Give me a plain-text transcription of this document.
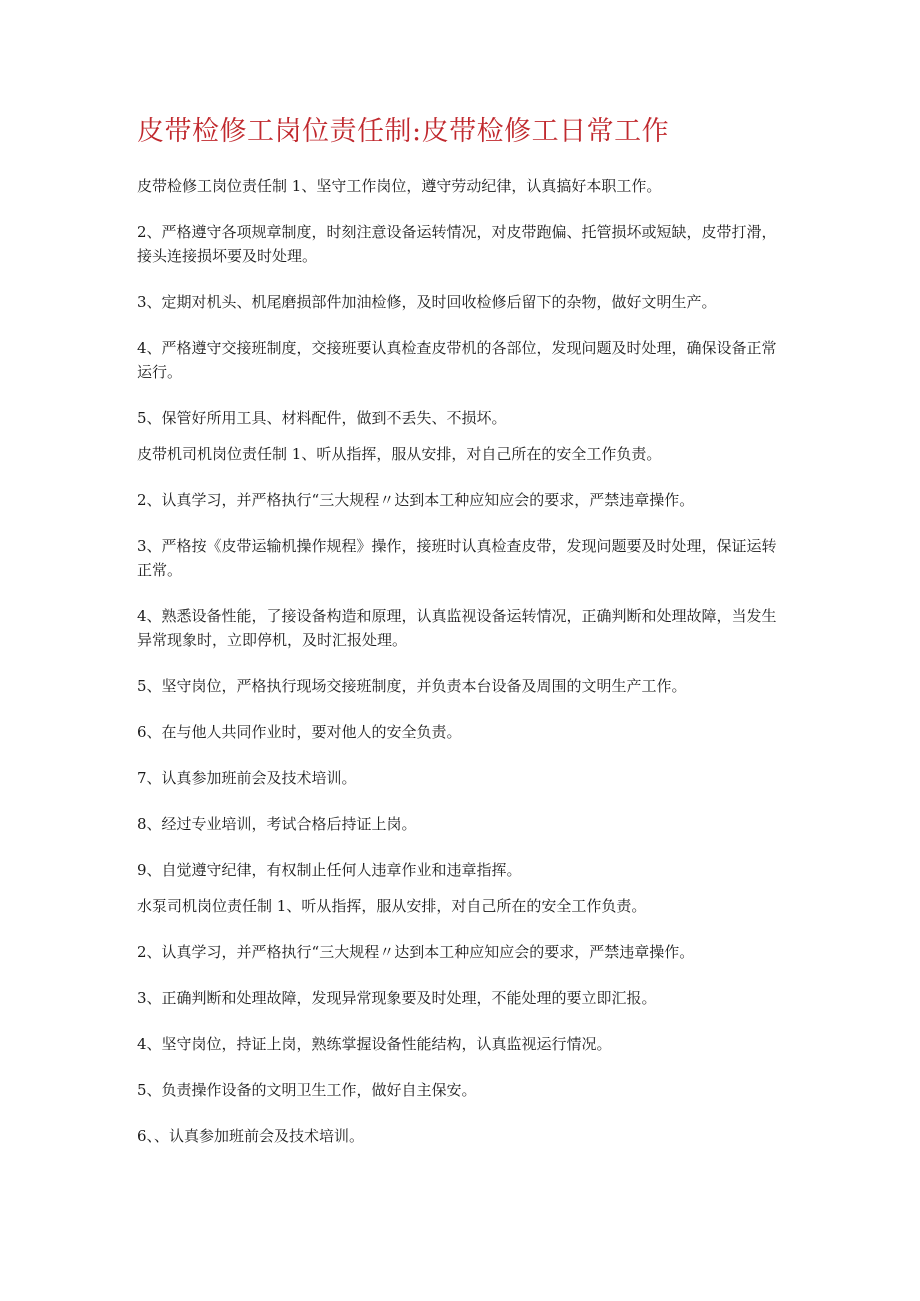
皮带检修工岗位责任制:皮带检修工日常工作

皮带检修工岗位责任制 1、坚守工作岗位，遵守劳动纪律，认真搞好本职工作。

2、严格遵守各项规章制度，时刻注意设备运转情况，对皮带跑偏、托管损坏或短缺，皮带打滑，接头连接损坏要及时处理。

3、定期对机头、机尾磨损部件加油检修，及时回收检修后留下的杂物，做好文明生产。

4、严格遵守交接班制度，交接班要认真检查皮带机的各部位，发现问题及时处理，确保设备正常运行。

5、保管好所用工具、材料配件，做到不丢失、不损坏。

皮带机司机岗位责任制 1、听从指挥，服从安排，对自己所在的安全工作负责。

2、认真学习，并严格执行“三大规程〃达到本工种应知应会的要求，严禁违章操作。

3、严格按《皮带运输机操作规程》操作，接班时认真检查皮带，发现问题要及时处理，保证运转正常。

4、熟悉设备性能，了接设备构造和原理，认真监视设备运转情况，正确判断和处理故障，当发生异常现象时，立即停机，及时汇报处理。

5、坚守岗位，严格执行现场交接班制度，并负责本台设备及周围的文明生产工作。

6、在与他人共同作业时，要对他人的安全负责。

7、认真参加班前会及技术培训。

8、经过专业培训，考试合格后持证上岗。

9、自觉遵守纪律，有权制止任何人违章作业和违章指挥。

水泵司机岗位责任制 1、听从指挥，服从安排，对自己所在的安全工作负责。

2、认真学习，并严格执行“三大规程〃达到本工种应知应会的要求，严禁违章操作。

3、正确判断和处理故障，发现异常现象要及时处理，不能处理的要立即汇报。

4、坚守岗位，持证上岗，熟练掌握设备性能结构，认真监视运行情况。

5、负责操作设备的文明卫生工作，做好自主保安。

6、、认真参加班前会及技术培训。
